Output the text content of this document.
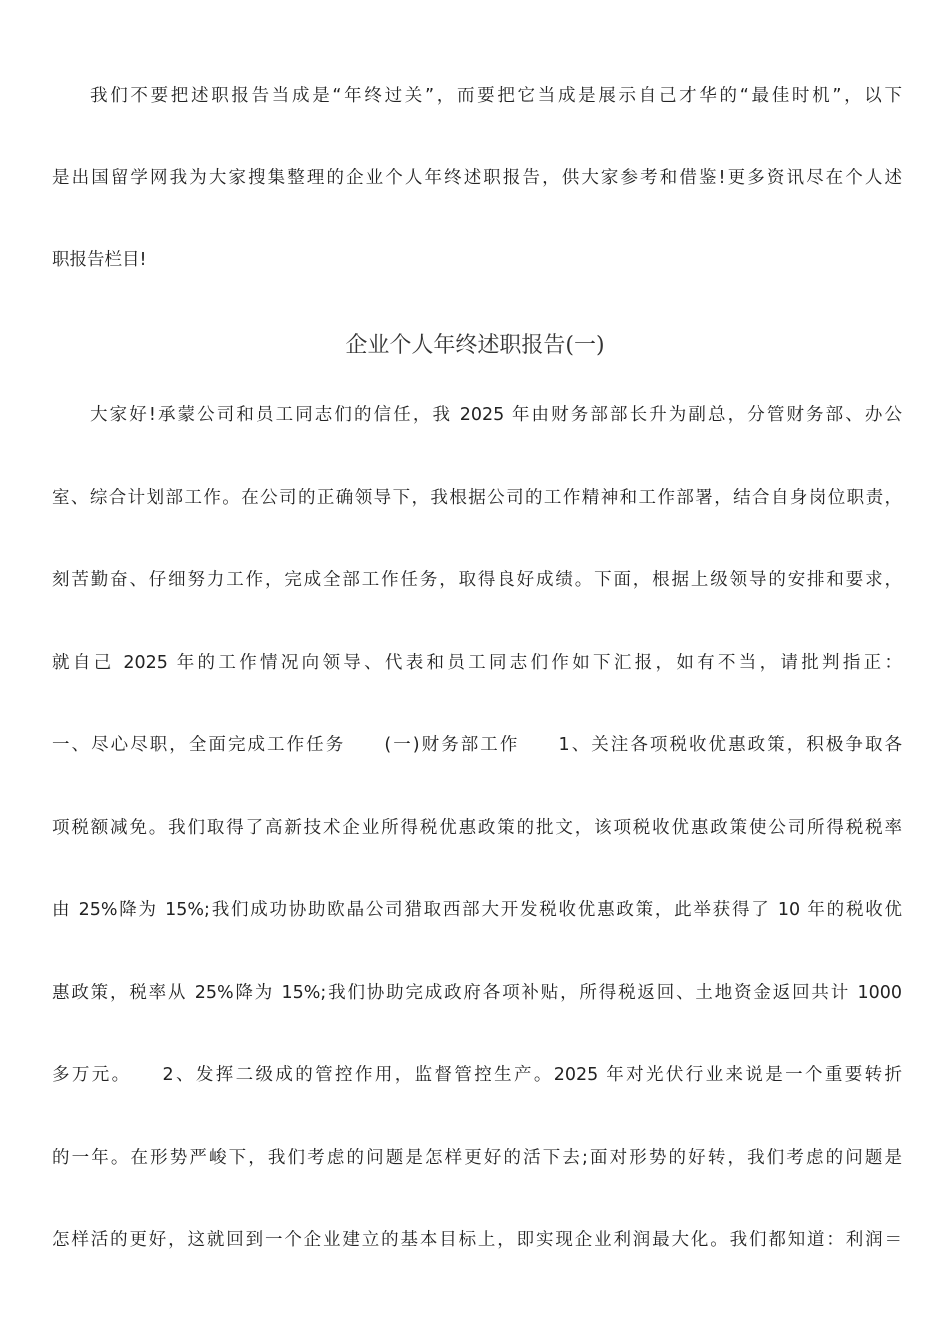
我们不要把述职报告当成是“年终过关”，而要把它当成是展示自己才华的“最佳时机”，以下
是出国留学网我为大家搜集整理的企业个人年终述职报告，供大家参考和借鉴!更多资讯尽在个人述
职报告栏目!
企业个人年终述职报告(一)
大家好!承蒙公司和员工同志们的信任，我 2025 年由财务部部长升为副总，分管财务部、办公
室、综合计划部工作。在公司的正确领导下，我根据公司的工作精神和工作部署，结合自身岗位职责，
刻苦勤奋、仔细努力工作，完成全部工作任务，取得良好成绩。下面，根据上级领导的安排和要求，
就自己 2025 年的工作情况向领导、代表和员工同志们作如下汇报，如有不当，请批判指正：
一、尽心尽职，全面完成工作任务　　(一)财务部工作　　1、关注各项税收优惠政策，积极争取各
项税额减免。我们取得了高新技术企业所得税优惠政策的批文，该项税收优惠政策使公司所得税税率
由 25%降为 15%;我们成功协助欧晶公司猎取西部大开发税收优惠政策，此举获得了 10 年的税收优
惠政策，税率从 25%降为 15%;我们协助完成政府各项补贴，所得税返回、土地资金返回共计 1000
多万元。　　2、发挥二级成的管控作用，监督管控生产。2025 年对光伏行业来说是一个重要转折
的一年。在形势严峻下，我们考虑的问题是怎样更好的活下去;面对形势的好转，我们考虑的问题是
怎样活的更好，这就回到一个企业建立的基本目标上，即实现企业利润最大化。我们都知道：利润＝
